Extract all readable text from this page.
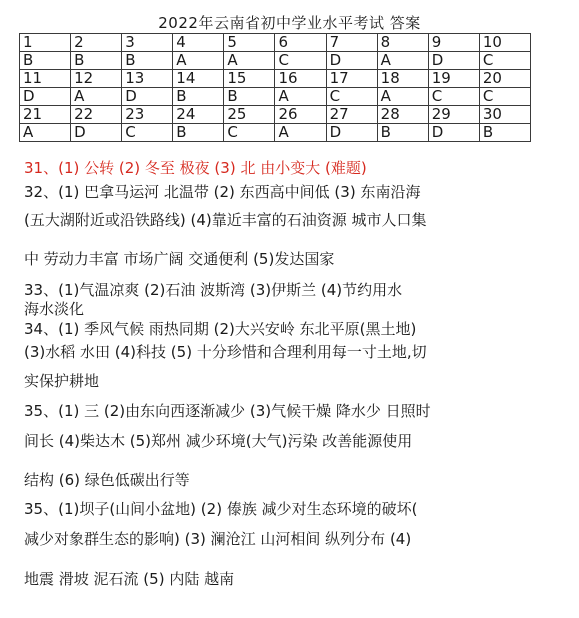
2022年云南省初中学业水平考试 答案
1	2	3	4	5	6	7	8	9	10
B	B	B	A	A	C	D	A	D	C
11	12	13	14	15	16	17	18	19	20
D	A	D	B	B	A	C	A	C	C
21	22	23	24	25	26	27	28	29	30
A	D	C	B	C	A	D	B	D	B
31、(1) 公转 (2) 冬至 极夜 (3) 北 由小变大 (难题)
32、(1) 巴拿马运河 北温带 (2) 东西高中间低 (3) 东南沿海
(五大湖附近或沿铁路线) (4)靠近丰富的石油资源 城市人口集
中 劳动力丰富 市场广阔 交通便利 (5)发达国家
33、(1)气温凉爽 (2)石油 波斯湾 (3)伊斯兰 (4)节约用水
海水淡化
34、(1) 季风气候 雨热同期 (2)大兴安岭 东北平原(黑土地)
(3)水稻 水田 (4)科技 (5) 十分珍惜和合理利用每一寸土地,切
实保护耕地
35、(1) 三 (2)由东向西逐渐减少 (3)气候干燥 降水少 日照时
间长 (4)柴达木 (5)郑州 减少环境(大气)污染 改善能源使用
结构 (6) 绿色低碳出行等
35、(1)坝子(山间小盆地) (2) 傣族 减少对生态环境的破坏(
减少对象群生态的影响) (3) 澜沧江 山河相间 纵列分布 (4)
地震 滑坡 泥石流 (5) 内陆 越南
